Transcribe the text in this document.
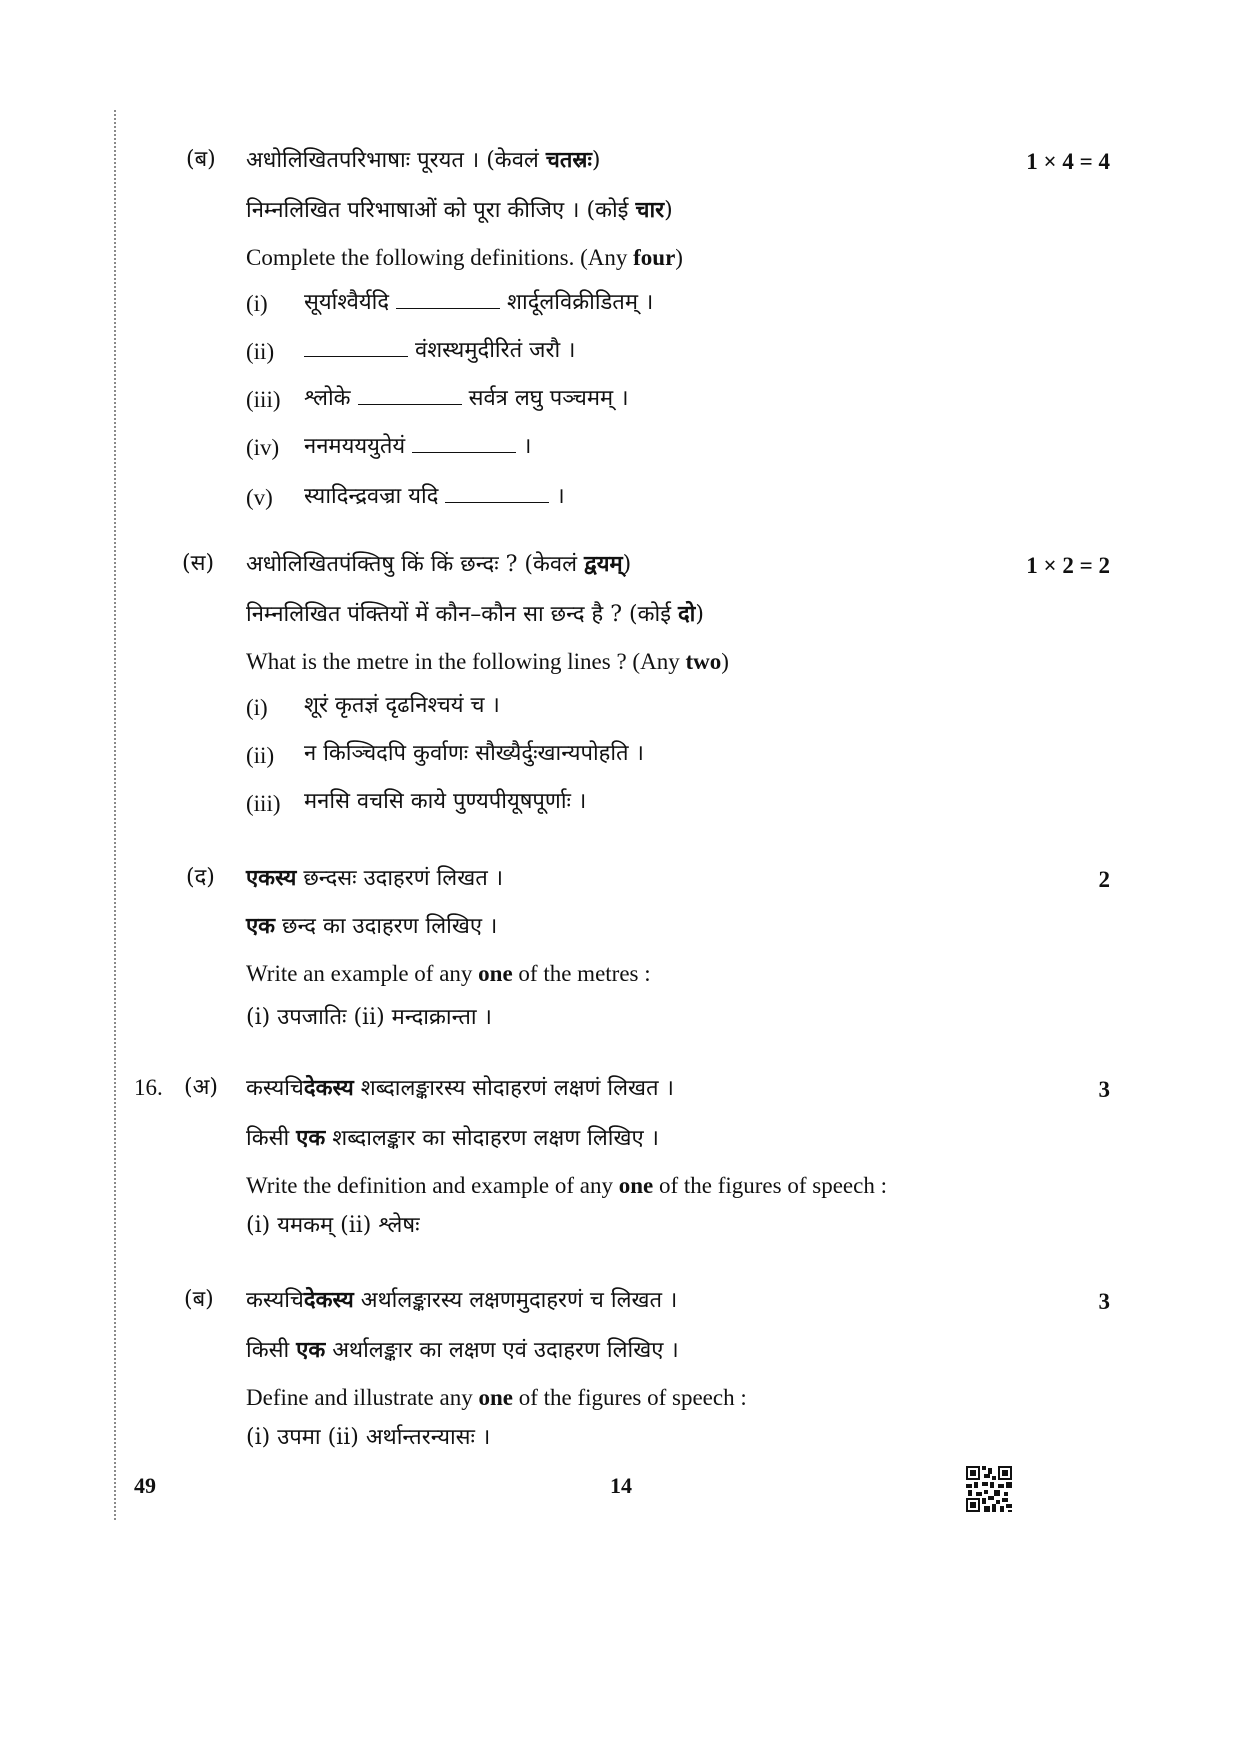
(ब) अधोलिखितपरिभाषाः पूरयत । (केवलं चतस्रः)	1 × 4 = 4
निम्नलिखित परिभाषाओं को पूरा कीजिए । (कोई चार)
Complete the following definitions. (Any four)
(i) सूर्याश्वैर्यदि	शार्दूलविक्रीडितम् ।
(ii)	वंशस्थमुदीरितं जरौ ।
(iii) श्लोके	सर्वत्र लघु पञ्चमम् ।
(iv) ननमयययुतेयं	।
(v) स्यादिन्द्रवज्रा यदि	।
(स) अधोलिखितपंक्तिषु किं किं छन्दः ? (केवलं द्वयम्)	1 × 2 = 2
निम्नलिखित पंक्तियों में कौन–कौन सा छन्द है ? (कोई दो)
What is the metre in the following lines ? (Any two)
(i) शूरं कृतज्ञं दृढनिश्चयं च ।
(ii) न किञ्चिदपि कुर्वाणः सौख्यैर्दुःखान्यपोहति ।
(iii) मनसि वचसि काये पुण्यपीयूषपूर्णाः ।
(द) एकस्य छन्दसः उदाहरणं लिखत ।	2
एक छन्द का उदाहरण लिखिए ।
Write an example of any one of the metres :
(i) उपजातिः (ii) मन्दाक्रान्ता ।
16. (अ) कस्यचिदेकस्य शब्दालङ्कारस्य सोदाहरणं लक्षणं लिखत ।	3
किसी एक शब्दालङ्कार का सोदाहरण लक्षण लिखिए ।
Write the definition and example of any one of the figures of speech :
(i) यमकम् (ii) श्लेषः
(ब) कस्यचिदेकस्य अर्थालङ्कारस्य लक्षणमुदाहरणं च लिखत ।	3
किसी एक अर्थालङ्कार का लक्षण एवं उदाहरण लिखिए ।
Define and illustrate any one of the figures of speech :
(i) उपमा (ii) अर्थान्तरन्यासः ।
49	14
